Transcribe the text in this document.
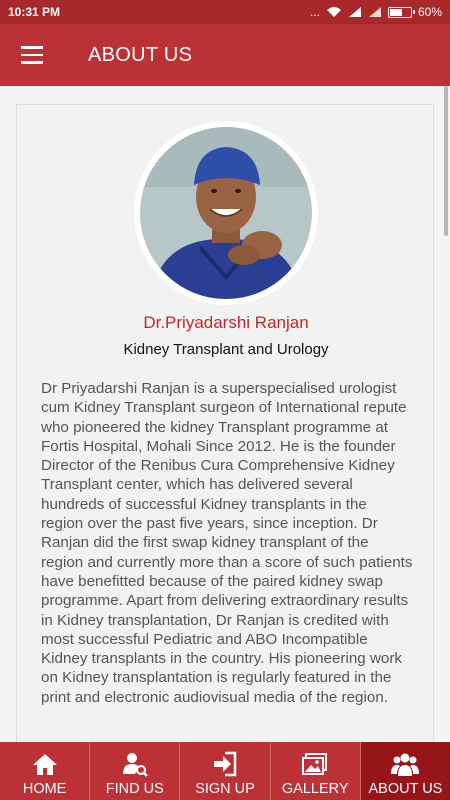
10:31 PM	...	60%
ABOUT US
Dr.Priyadarshi Ranjan
Kidney Transplant and Urology
Dr Priyadarshi Ranjan is a superspecialised urologist cum Kidney Transplant surgeon of International repute who pioneered the kidney Transplant programme at Fortis Hospital, Mohali Since 2012. He is the founder Director of the Renibus Cura Comprehensive Kidney Transplant center, which has delivered several hundreds of successful Kidney transplants in the region over the past five years, since inception. Dr Ranjan did the first swap kidney transplant of the region and currently more than a score of such patients have benefitted because of the paired kidney swap programme. Apart from delivering extraordinary results in Kidney transplantation, Dr Ranjan is credited with most successful Pediatric and ABO Incompatible Kidney transplants in the country. His pioneering work on Kidney transplantation is regularly featured in the print and electronic audiovisual media of the region.
HOME	FIND US SIGN UP GALLERY ABOUT US
